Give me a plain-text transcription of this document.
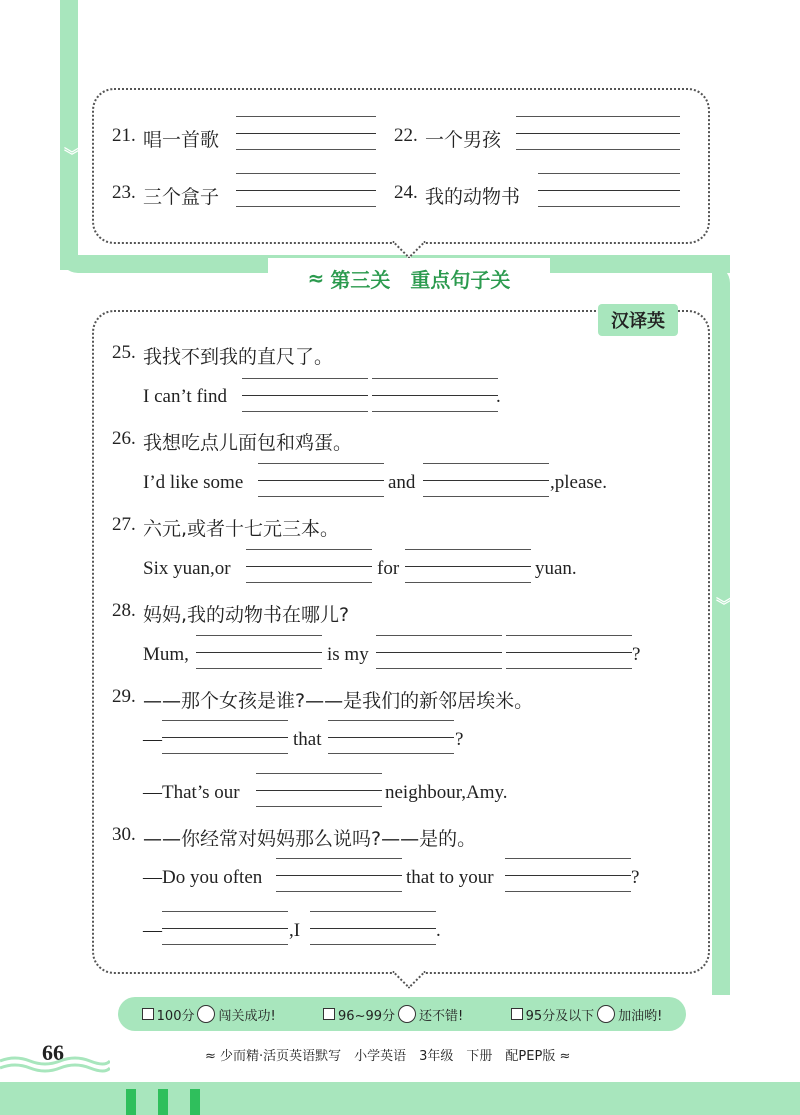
︾
︾
21. 唱一首歌	22. 一个男孩
23. 三个盒子	24. 我的动物书
≈ 第三关　重点句子关
汉译英
25. 我找不到我的直尺了。
I can’t find	.
26. 我想吃点儿面包和鸡蛋。
I’d like some	and	,please.
27. 六元,或者十七元三本。
Six yuan,or	for	yuan.
28. 妈妈,我的动物书在哪儿?
Mum,	is my	?
29. ——那个女孩是谁?——是我们的新邻居埃米。
—	that	?
—That’s our	neighbour,Amy.
30. ——你经常对妈妈那么说吗?——是的。
—Do you often	that to your	?
—	,I	.
100分 闯关成功!	96~99分 还不错!	95分及以下 加油哟!
66	≈ 少而精·活页英语默写　小学英语　3年级　下册　配PEP版 ≈
